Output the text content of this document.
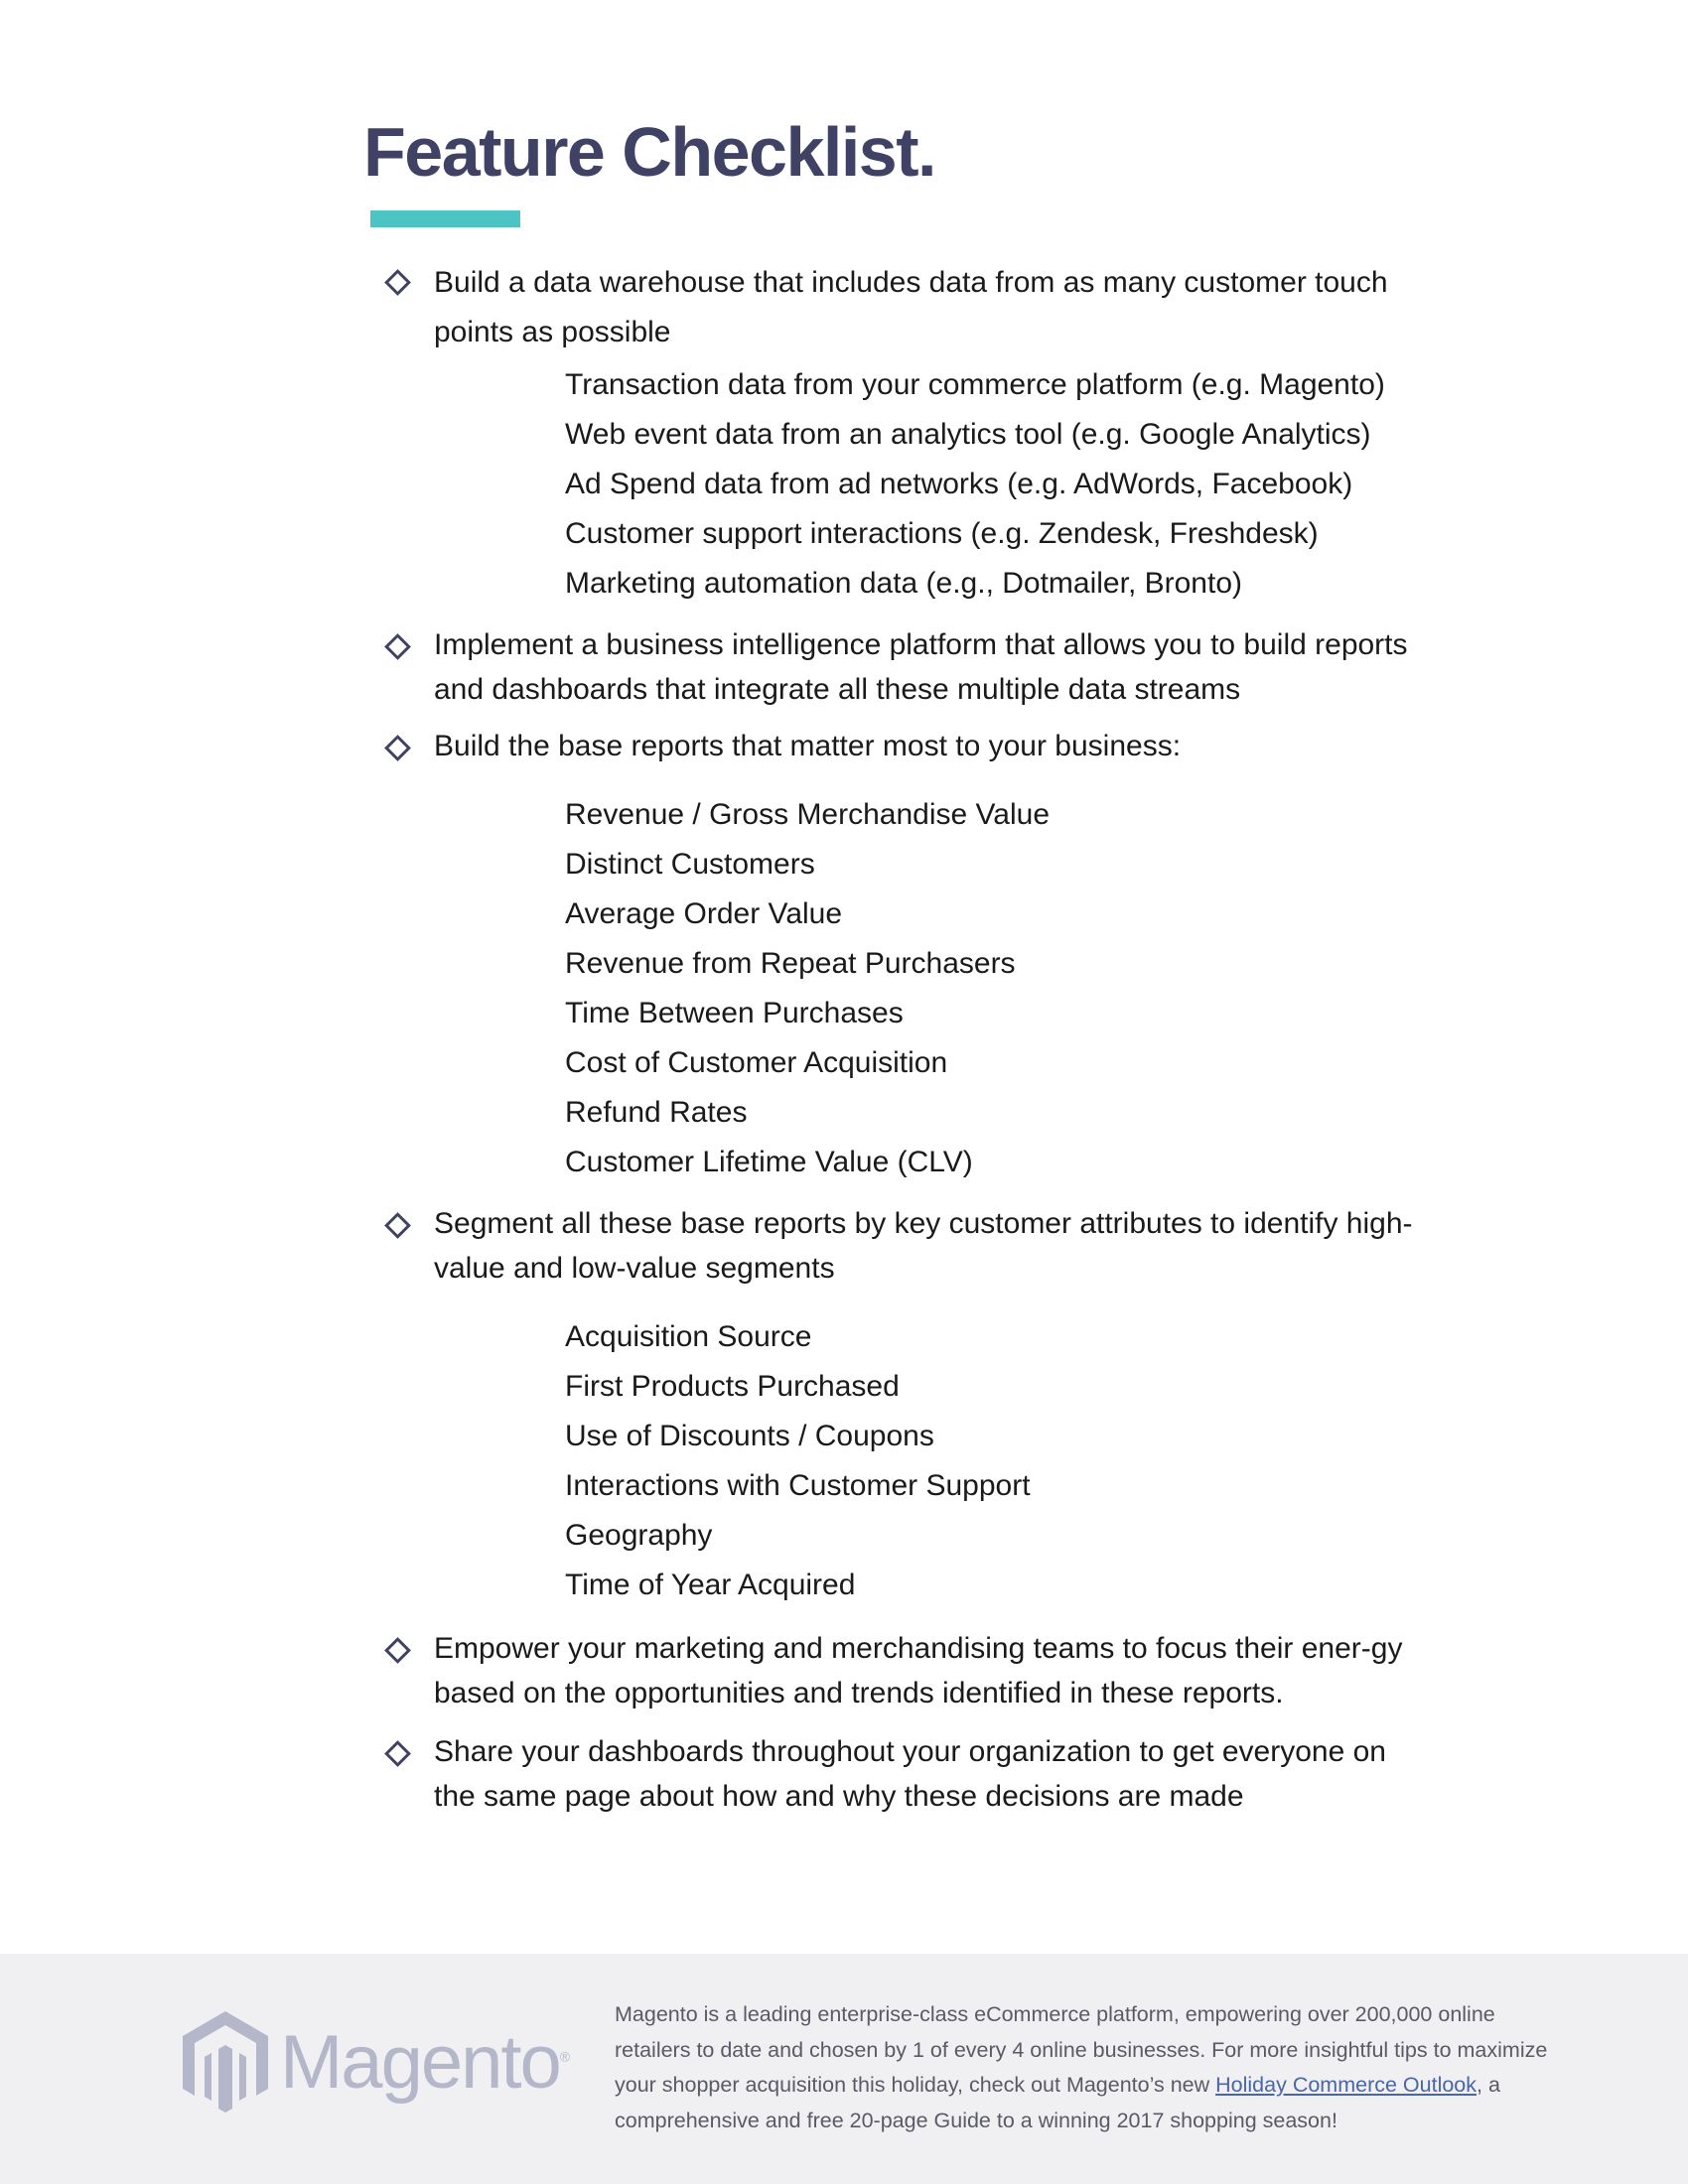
Feature Checklist.
Build a data warehouse that includes data from as many customer touch points as possible
Transaction data from your commerce platform (e.g. Magento)
Web event data from an analytics tool (e.g. Google Analytics)
Ad Spend data from ad networks (e.g. AdWords, Facebook)
Customer support interactions (e.g. Zendesk, Freshdesk)
Marketing automation data (e.g., Dotmailer, Bronto)
Implement a business intelligence platform that allows you to build reports and dashboards that integrate all these multiple data streams
Build the base reports that matter most to your business:
Revenue / Gross Merchandise Value
Distinct Customers
Average Order Value
Revenue from Repeat Purchasers
Time Between Purchases
Cost of Customer Acquisition
Refund Rates
Customer Lifetime Value (CLV)
Segment all these base reports by key customer attributes to identify high-value and low-value segments
Acquisition Source
First Products Purchased
Use of Discounts / Coupons
Interactions with Customer Support
Geography
Time of Year Acquired
Empower your marketing and merchandising teams to focus their ener-gy based on the opportunities and trends identified in these reports.
Share your dashboards throughout your organization to get everyone on the same page about how and why these decisions are made
Magento®
Magento is a leading enterprise-class eCommerce platform, empowering over 200,000 online retailers to date and chosen by 1 of every 4 online businesses. For more insightful tips to maximize your shopper acquisition this holiday, check out Magento’s new Holiday Commerce Outlook, a comprehensive and free 20-page Guide to a winning 2017 shopping season!
